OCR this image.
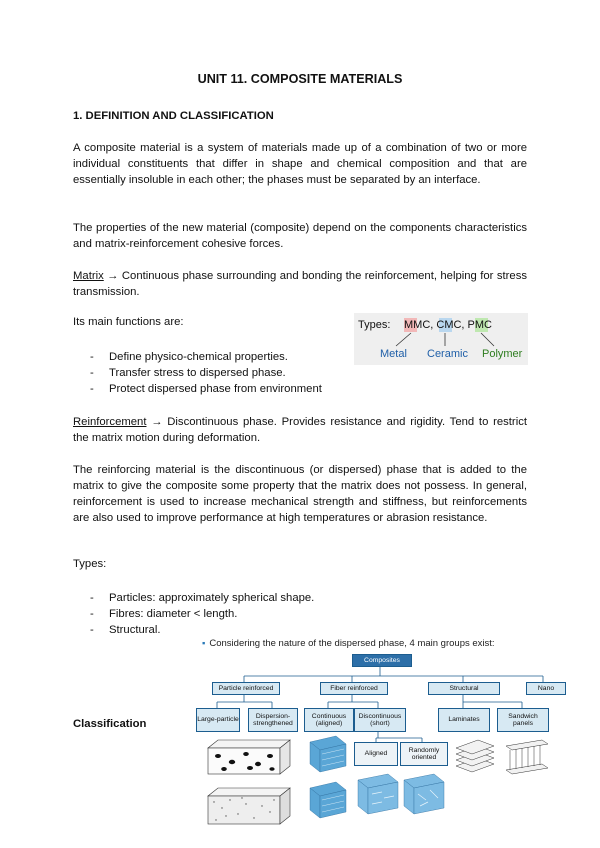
UNIT 11. COMPOSITE MATERIALS
1. DEFINITION AND CLASSIFICATION

A composite material is a system of materials made up of a combination of two or more individual constituents that differ in shape and chemical composition and that are essentially insoluble in each other; the phases must be separated by an interface.

The properties of the new material (composite) depend on the components characteristics and matrix-reinforcement cohesive forces.

Matrix → Continuous phase surrounding and bonding the reinforcement, helping for stress transmission.

Its main functions are:
- Define physico-chemical properties.
- Transfer stress to dispersed phase.
- Protect dispersed phase from environment
Types: MMC, CMC, PMC
Metal Ceramic Polymer

Reinforcement → Discontinuous phase. Provides resistance and rigidity. Tend to restrict the matrix motion during deformation.

The reinforcing material is the discontinuous (or dispersed) phase that is added to the matrix to give the composite some property that the matrix does not possess. In general, reinforcement is used to increase mechanical strength and stiffness, but reinforcements are also used to improve performance at high temperatures or abrasion resistance.

Types:
- Particles: approximately spherical shape.
- Fibres: diameter < length.
- Structural.
Classification
▪ Considering the nature of the dispersed phase, 4 main groups exist:
Composites
Particle reinforced	Fiber reinforced	Structural	Nano
Large-particle
Dispersion-strengthened
Continuous (aligned)
Discontinuous (short)
Laminates
Sandwich panels
Aligned
Randomly oriented
